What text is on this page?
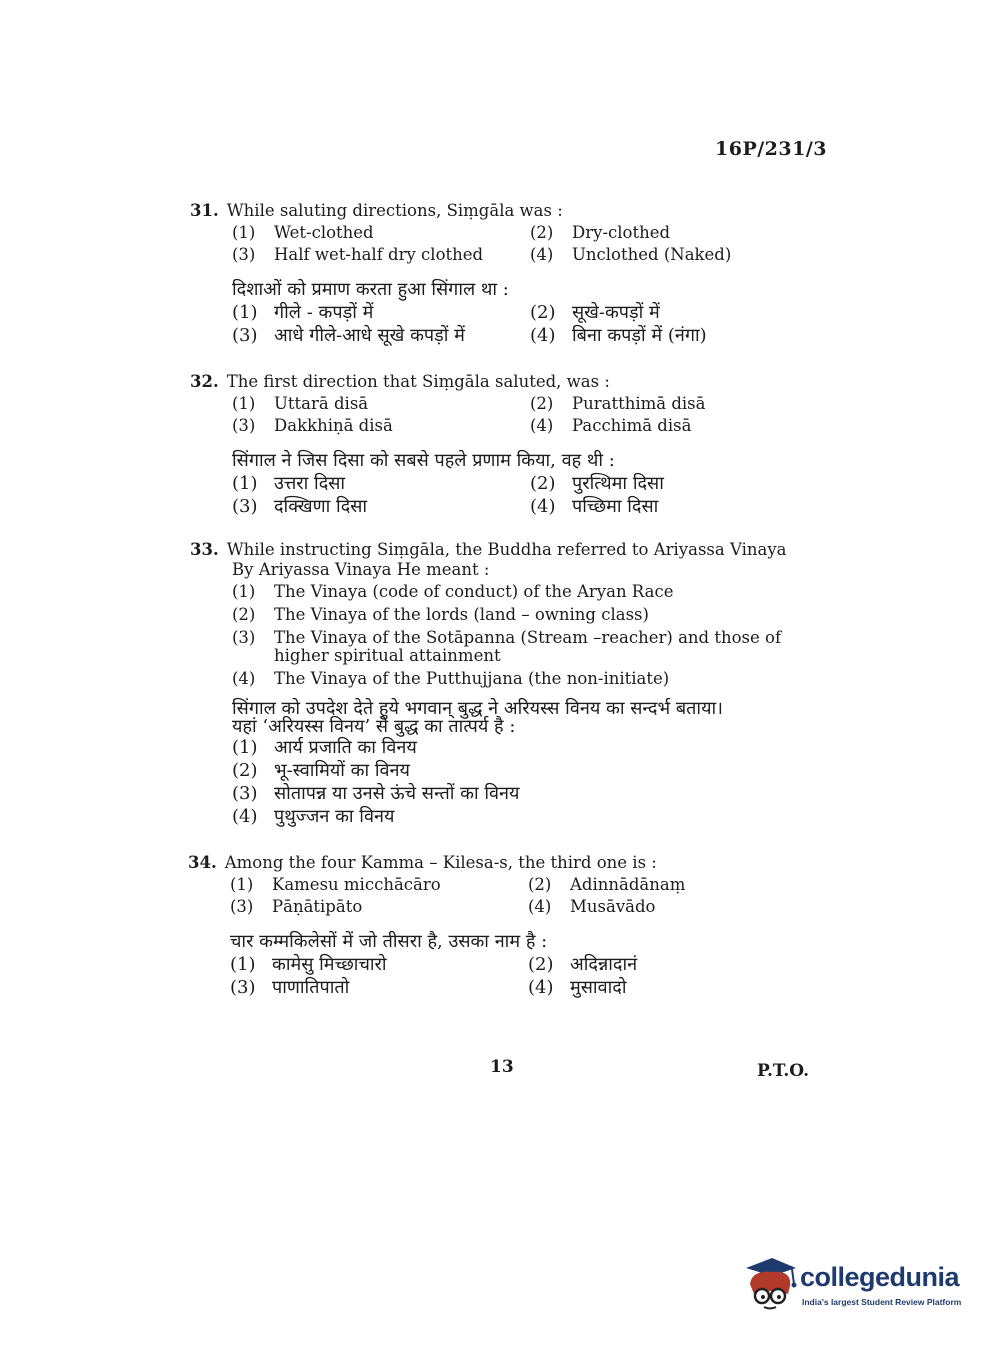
16P/231/3
31. While saluting directions, Siṃgāla was :
(1)	Wet-clothed	(2)	Dry-clothed
(3)	Half wet-half dry clothed	(4)	Unclothed (Naked)
दिशाओं को प्रमाण करता हुआ सिंगाल था :
(1) गीले - कपड़ों में	(2) सूखे-कपड़ों में
(3) आधे गीले-आधे सूखे कपड़ों में	(4) बिना कपड़ों में (नंगा)
32. The first direction that Siṃgāla saluted, was :
(1)	Uttarā disā	(2)	Puratthimā disā
(3)	Dakkhiṇā disā	(4)	Pacchimā disā
सिंगाल ने जिस दिसा को सबसे पहले प्रणाम किया, वह थी :
(1) उत्तरा दिसा	(2) पुरत्थिमा दिसा
(3) दक्खिणा दिसा	(4) पच्छिमा दिसा
33. While instructing Siṃgāla, the Buddha referred to Ariyassa Vinaya
By Ariyassa Vinaya He meant :
(1)	The Vinaya (code of conduct) of the Aryan Race
(2)	The Vinaya of the lords (land – owning class)
(3)	The Vinaya of the Sotāpanna (Stream –reacher) and those of higher spiritual attainment
(4)	The Vinaya of the Putthujjana (the non-initiate)
सिंगाल को उपदेश देते हुये भगवान् बुद्ध ने अरियस्स विनय का सन्दर्भ बताया।
यहां ‘अरियस्स विनय’ से बुद्ध का तात्पर्य है :
(1) आर्य प्रजाति का विनय
(2) भू-स्वामियों का विनय
(3) सोतापन्न या उनसे ऊंचे सन्तों का विनय
(4) पुथुज्जन का विनय
34. Among the four Kamma – Kilesa-s, the third one is :
(1)	Kamesu micchācāro	(2)	Adinnādānaṃ
(3)	Pāṇātipāto	(4)	Musāvādo
चार कम्मकिलेसों में जो तीसरा है, उसका नाम है :
(1) कामेसु मिच्छाचारो	(2) अदिन्नादानं
(3) पाणातिपातो	(4) मुसावादो
13	P.T.O.
collegedunia
India's largest Student Review Platform
